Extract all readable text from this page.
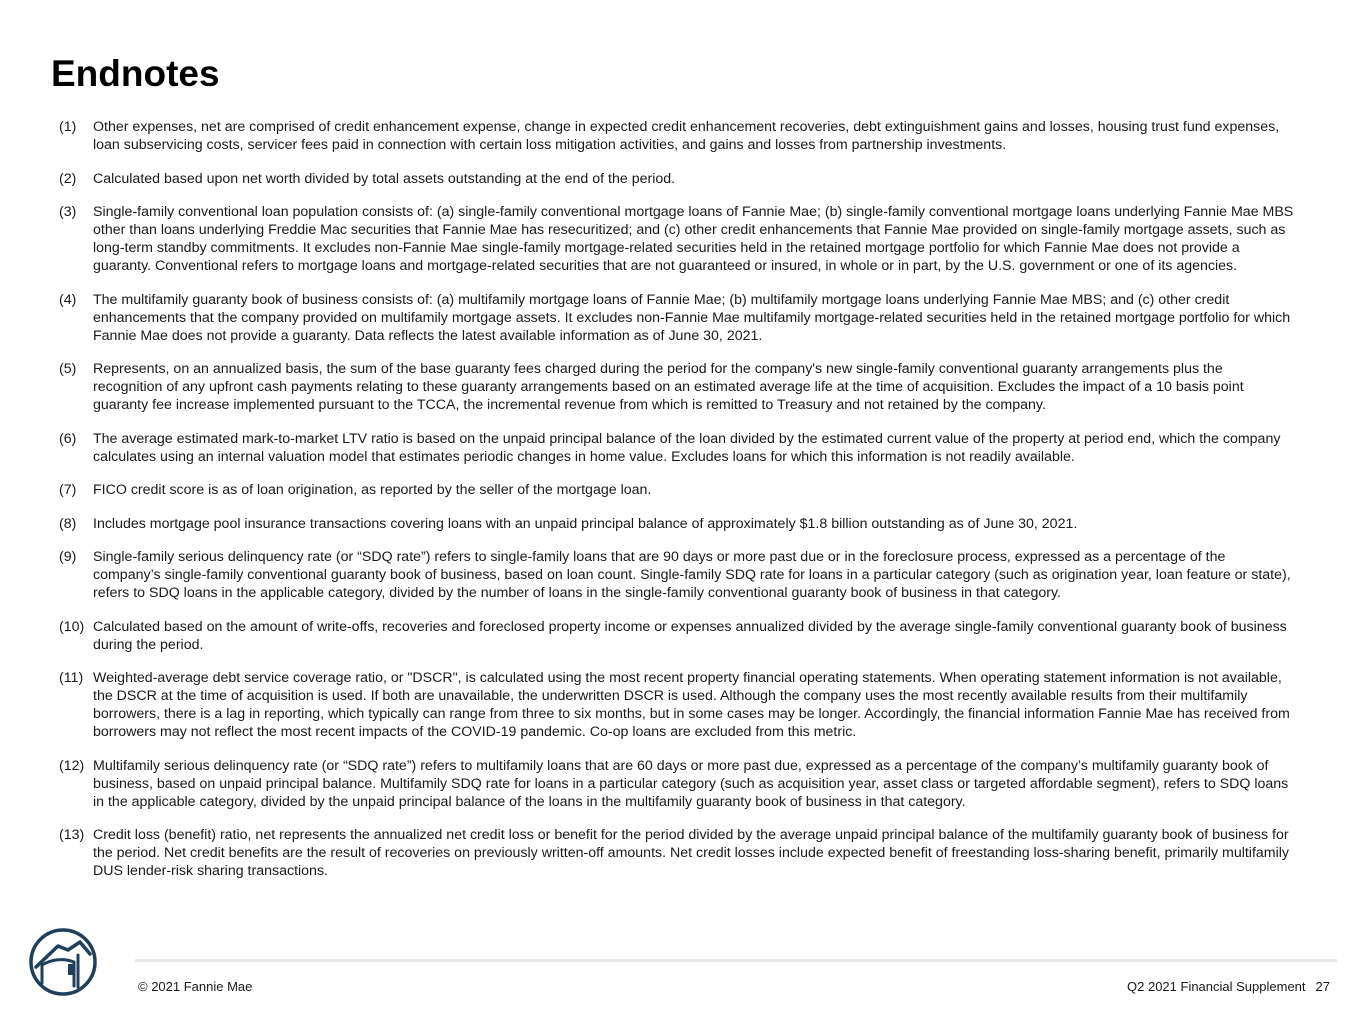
Endnotes
(1)	Other expenses, net are comprised of credit enhancement expense, change in expected credit enhancement recoveries, debt extinguishment gains and losses, housing trust fund expenses, loan subservicing costs, servicer fees paid in connection with certain loss mitigation activities, and gains and losses from partnership investments.
(2)	Calculated based upon net worth divided by total assets outstanding at the end of the period.
(3)	Single-family conventional loan population consists of: (a) single-family conventional mortgage loans of Fannie Mae; (b) single-family conventional mortgage loans underlying Fannie Mae MBS other than loans underlying Freddie Mac securities that Fannie Mae has resecuritized; and (c) other credit enhancements that Fannie Mae provided on single-family mortgage assets, such as long-term standby commitments. It excludes non-Fannie Mae single-family mortgage-related securities held in the retained mortgage portfolio for which Fannie Mae does not provide a guaranty. Conventional refers to mortgage loans and mortgage-related securities that are not guaranteed or insured, in whole or in part, by the U.S. government or one of its agencies.
(4)	The multifamily guaranty book of business consists of: (a) multifamily mortgage loans of Fannie Mae; (b) multifamily mortgage loans underlying Fannie Mae MBS; and (c) other credit enhancements that the company provided on multifamily mortgage assets. It excludes non-Fannie Mae multifamily mortgage-related securities held in the retained mortgage portfolio for which Fannie Mae does not provide a guaranty. Data reflects the latest available information as of June 30, 2021.
(5)	Represents, on an annualized basis, the sum of the base guaranty fees charged during the period for the company's new single-family conventional guaranty arrangements plus the recognition of any upfront cash payments relating to these guaranty arrangements based on an estimated average life at the time of acquisition. Excludes the impact of a 10 basis point guaranty fee increase implemented pursuant to the TCCA, the incremental revenue from which is remitted to Treasury and not retained by the company.
(6)	The average estimated mark-to-market LTV ratio is based on the unpaid principal balance of the loan divided by the estimated current value of the property at period end, which the company calculates using an internal valuation model that estimates periodic changes in home value. Excludes loans for which this information is not readily available.
(7)	FICO credit score is as of loan origination, as reported by the seller of the mortgage loan.
(8)	Includes mortgage pool insurance transactions covering loans with an unpaid principal balance of approximately $1.8 billion outstanding as of June 30, 2021.
(9)	Single-family serious delinquency rate (or “SDQ rate”) refers to single-family loans that are 90 days or more past due or in the foreclosure process, expressed as a percentage of the company’s single-family conventional guaranty book of business, based on loan count. Single-family SDQ rate for loans in a particular category (such as origination year, loan feature or state), refers to SDQ loans in the applicable category, divided by the number of loans in the single-family conventional guaranty book of business in that category.
(10) Calculated based on the amount of write-offs, recoveries and foreclosed property income or expenses annualized divided by the average single-family conventional guaranty book of business during the period.
(11) Weighted-average debt service coverage ratio, or "DSCR", is calculated using the most recent property financial operating statements. When operating statement information is not available, the DSCR at the time of acquisition is used. If both are unavailable, the underwritten DSCR is used. Although the company uses the most recently available results from their multifamily borrowers, there is a lag in reporting, which typically can range from three to six months, but in some cases may be longer. Accordingly, the financial information Fannie Mae has received from borrowers may not reflect the most recent impacts of the COVID-19 pandemic. Co-op loans are excluded from this metric.
(12) Multifamily serious delinquency rate (or “SDQ rate”) refers to multifamily loans that are 60 days or more past due, expressed as a percentage of the company’s multifamily guaranty book of business, based on unpaid principal balance. Multifamily SDQ rate for loans in a particular category (such as acquisition year, asset class or targeted affordable segment), refers to SDQ loans in the applicable category, divided by the unpaid principal balance of the loans in the multifamily guaranty book of business in that category.
(13) Credit loss (benefit) ratio, net represents the annualized net credit loss or benefit for the period divided by the average unpaid principal balance of the multifamily guaranty book of business for the period. Net credit benefits are the result of recoveries on previously written-off amounts. Net credit losses include expected benefit of freestanding loss-sharing benefit, primarily multifamily DUS lender-risk sharing transactions.
© 2021 Fannie Mae	Q2 2021 Financial Supplement 27
